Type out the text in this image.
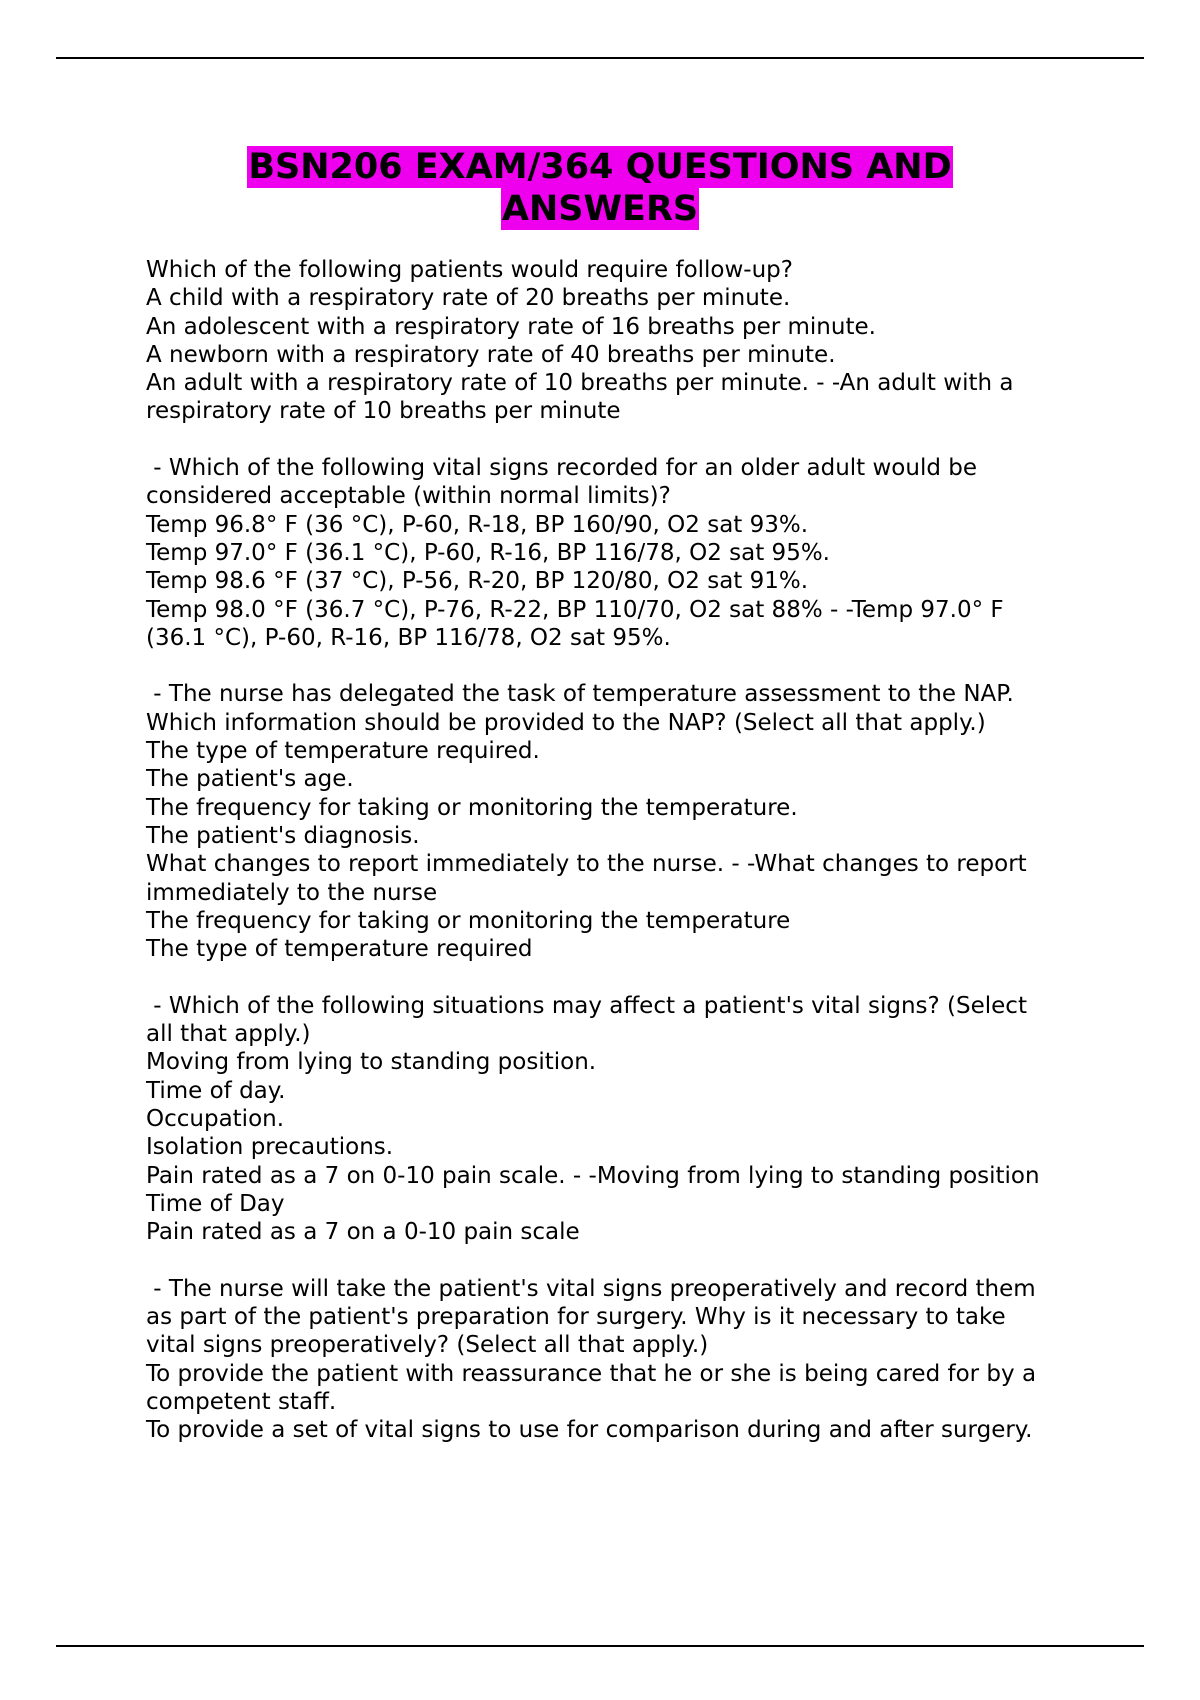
BSN206 EXAM/364 QUESTIONS AND
ANSWERS
Which of the following patients would require follow-up?
A child with a respiratory rate of 20 breaths per minute.
An adolescent with a respiratory rate of 16 breaths per minute.
A newborn with a respiratory rate of 40 breaths per minute.
An adult with a respiratory rate of 10 breaths per minute. - -An adult with a
respiratory rate of 10 breaths per minute
- Which of the following vital signs recorded for an older adult would be
considered acceptable (within normal limits)?
Temp 96.8° F (36 °C), P-60, R-18, BP 160/90, O2 sat 93%.
Temp 97.0° F (36.1 °C), P-60, R-16, BP 116/78, O2 sat 95%.
Temp 98.6 °F (37 °C), P-56, R-20, BP 120/80, O2 sat 91%.
Temp 98.0 °F (36.7 °C), P-76, R-22, BP 110/70, O2 sat 88% - -Temp 97.0° F
(36.1 °C), P-60, R-16, BP 116/78, O2 sat 95%.
- The nurse has delegated the task of temperature assessment to the NAP.
Which information should be provided to the NAP? (Select all that apply.)
The type of temperature required.
The patient's age.
The frequency for taking or monitoring the temperature.
The patient's diagnosis.
What changes to report immediately to the nurse. - -What changes to report
immediately to the nurse
The frequency for taking or monitoring the temperature
The type of temperature required
- Which of the following situations may affect a patient's vital signs? (Select
all that apply.)
Moving from lying to standing position.
Time of day.
Occupation.
Isolation precautions.
Pain rated as a 7 on 0-10 pain scale. - -Moving from lying to standing position
Time of Day
Pain rated as a 7 on a 0-10 pain scale
- The nurse will take the patient's vital signs preoperatively and record them
as part of the patient's preparation for surgery. Why is it necessary to take
vital signs preoperatively? (Select all that apply.)
To provide the patient with reassurance that he or she is being cared for by a
competent staff.
To provide a set of vital signs to use for comparison during and after surgery.
